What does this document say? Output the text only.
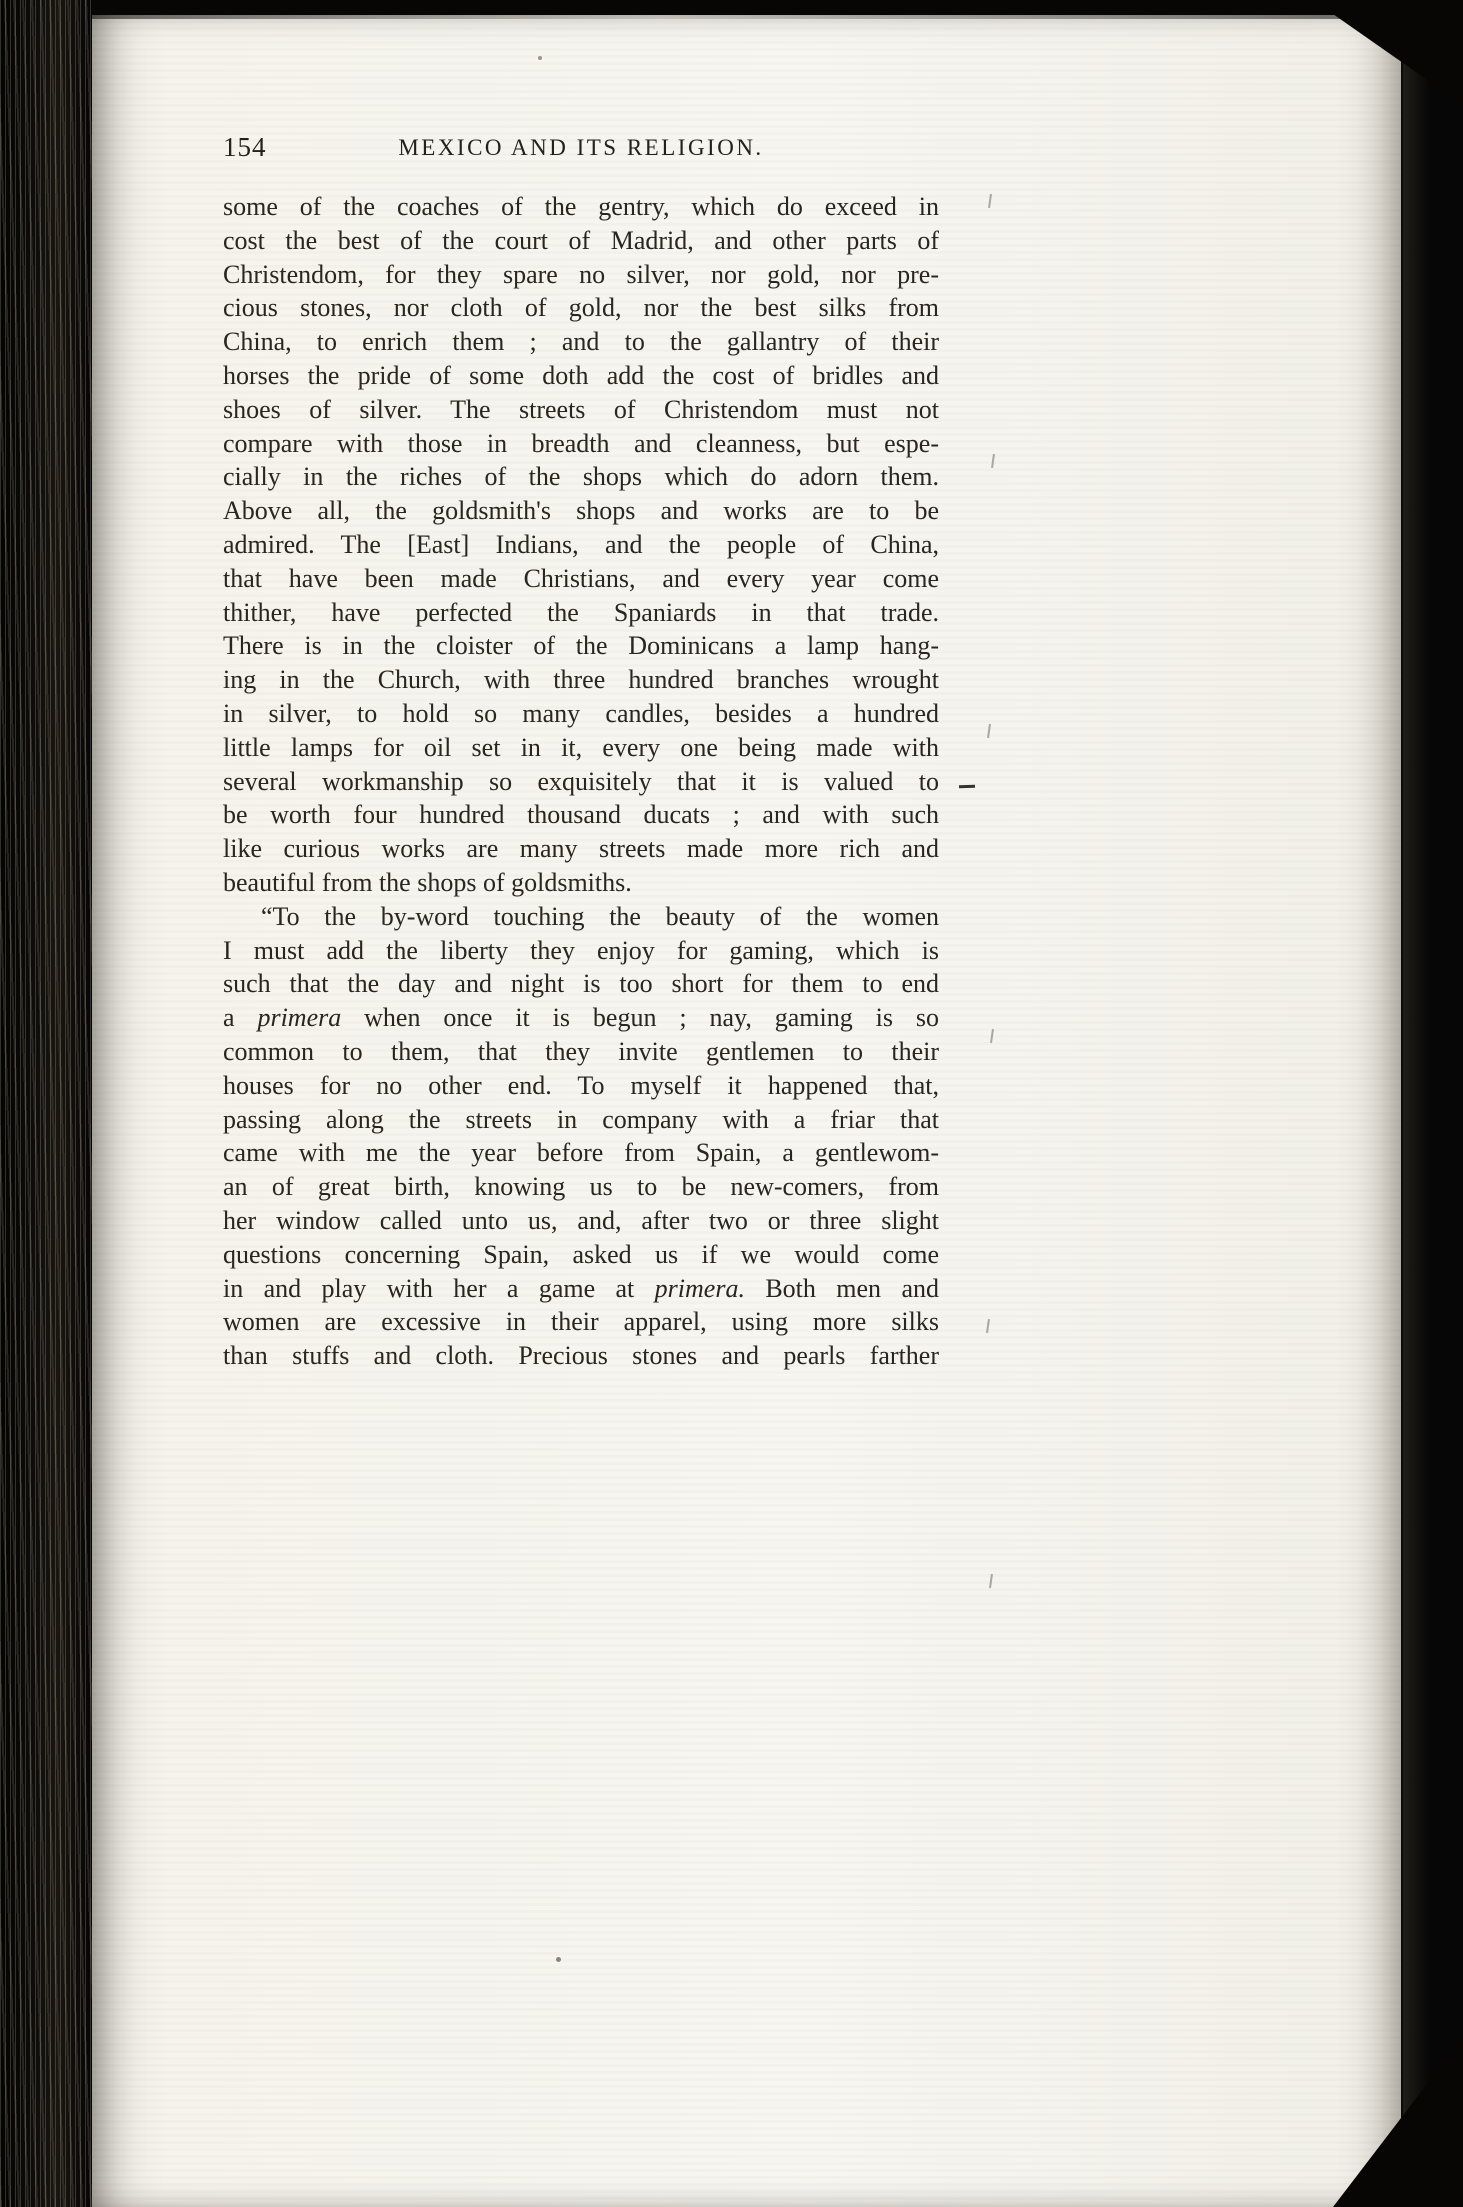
154	MEXICO AND ITS RELIGION.
some of the coaches of the gentry, which do exceed in
cost the best of the court of Madrid, and other parts of
Christendom, for they spare no silver, nor gold, nor pre-
cious stones, nor cloth of gold, nor the best silks from
China, to enrich them ; and to the gallantry of their
horses the pride of some doth add the cost of bridles and
shoes of silver. The streets of Christendom must not
compare with those in breadth and cleanness, but espe-
cially in the riches of the shops which do adorn them.
Above all, the goldsmith's shops and works are to be
admired. The [East] Indians, and the people of China,
that have been made Christians, and every year come
thither, have perfected the Spaniards in that trade.
There is in the cloister of the Dominicans a lamp hang-
ing in the Church, with three hundred branches wrought
in silver, to hold so many candles, besides a hundred
little lamps for oil set in it, every one being made with
several workmanship so exquisitely that it is valued to
be worth four hundred thousand ducats ; and with such
like curious works are many streets made more rich and
beautiful from the shops of goldsmiths.
“To the by-word touching the beauty of the women
I must add the liberty they enjoy for gaming, which is
such that the day and night is too short for them to end
a primera when once it is begun ; nay, gaming is so
common to them, that they invite gentlemen to their
houses for no other end. To myself it happened that,
passing along the streets in company with a friar that
came with me the year before from Spain, a gentlewom-
an of great birth, knowing us to be new-comers, from
her window called unto us, and, after two or three slight
questions concerning Spain, asked us if we would come
in and play with her a game at primera. Both men and
women are excessive in their apparel, using more silks
than stuffs and cloth. Precious stones and pearls farther
